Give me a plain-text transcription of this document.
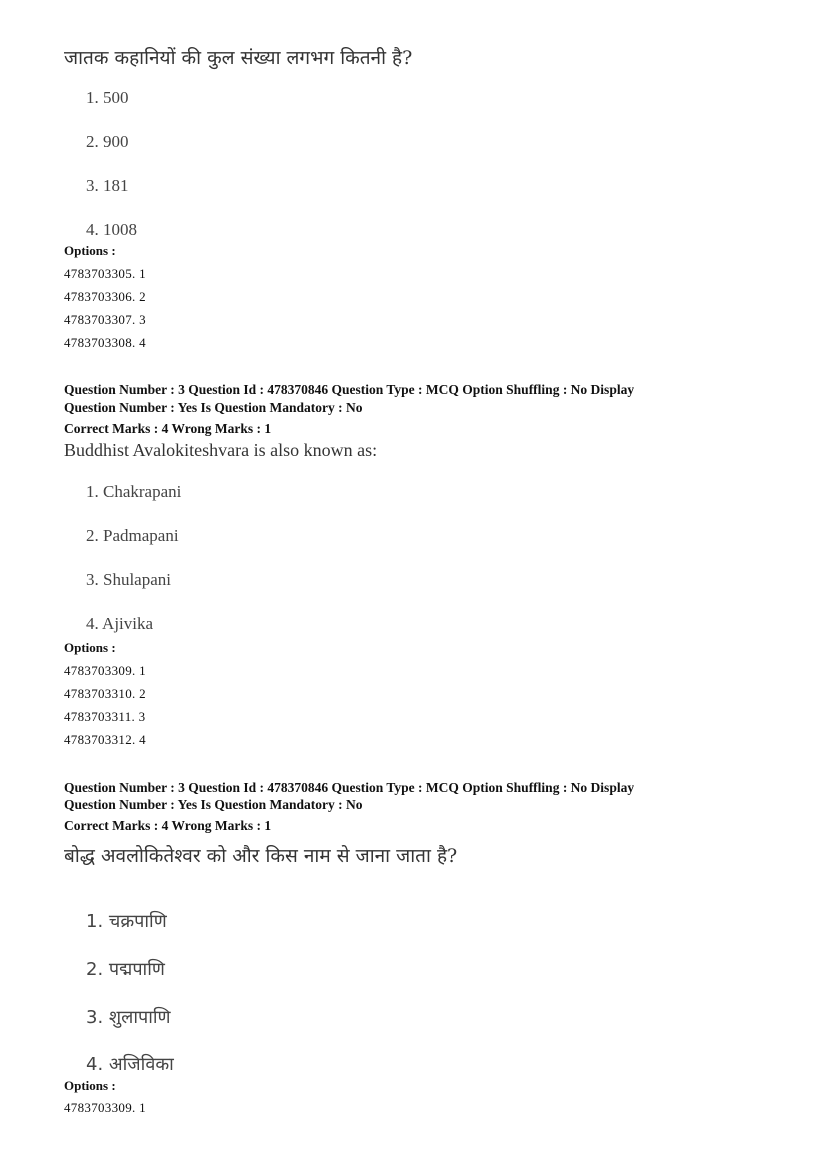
जातक कहानियों की कुल संख्या लगभग कितनी है?
1. 500
2. 900
3. 181
4. 1008
Options :
4783703305. 1
4783703306. 2
4783703307. 3
4783703308. 4
Question Number : 3 Question Id : 478370846 Question Type : MCQ Option Shuffling : No Display
Question Number : Yes Is Question Mandatory : No
Correct Marks : 4 Wrong Marks : 1
Buddhist Avalokiteshvara is also known as:
1. Chakrapani
2. Padmapani
3. Shulapani
4. Ajivika
Options :
4783703309. 1
4783703310. 2
4783703311. 3
4783703312. 4
Question Number : 3 Question Id : 478370846 Question Type : MCQ Option Shuffling : No Display
Question Number : Yes Is Question Mandatory : No
Correct Marks : 4 Wrong Marks : 1
बोद्ध अवलोकितेश्वर को और किस नाम से जाना जाता है?
1. चक्रपाणि
2. पद्मपाणि
3. शुलापाणि
4. अजिविका
Options :
4783703309. 1
